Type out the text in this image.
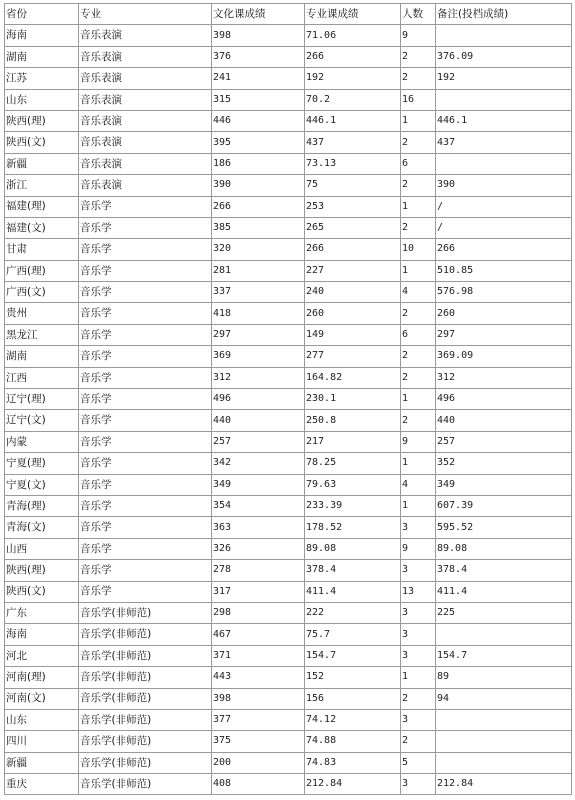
省份	专业	文化课成绩	专业课成绩	人数	备注(投档成绩)
海南	音乐表演	398	71.06	9	
湖南	音乐表演	376	266	2	376.09
江苏	音乐表演	241	192	2	192
山东	音乐表演	315	70.2	16	
陕西(理)	音乐表演	446	446.1	1	446.1
陕西(文)	音乐表演	395	437	2	437
新疆	音乐表演	186	73.13	6	
浙江	音乐表演	390	75	2	390
福建(理)	音乐学	266	253	1	/
福建(文)	音乐学	385	265	2	/
甘肃	音乐学	320	266	10	266
广西(理)	音乐学	281	227	1	510.85
广西(文)	音乐学	337	240	4	576.98
贵州	音乐学	418	260	2	260
黑龙江	音乐学	297	149	6	297
湖南	音乐学	369	277	2	369.09
江西	音乐学	312	164.82	2	312
辽宁(理)	音乐学	496	230.1	1	496
辽宁(文)	音乐学	440	250.8	2	440
内蒙	音乐学	257	217	9	257
宁夏(理)	音乐学	342	78.25	1	352
宁夏(文)	音乐学	349	79.63	4	349
青海(理)	音乐学	354	233.39	1	607.39
青海(文)	音乐学	363	178.52	3	595.52
山西	音乐学	326	89.08	9	89.08
陕西(理)	音乐学	278	378.4	3	378.4
陕西(文)	音乐学	317	411.4	13	411.4
广东	音乐学(非师范)	298	222	3	225
海南	音乐学(非师范)	467	75.7	3	
河北	音乐学(非师范)	371	154.7	3	154.7
河南(理)	音乐学(非师范)	443	152	1	89
河南(文)	音乐学(非师范)	398	156	2	94
山东	音乐学(非师范)	377	74.12	3	
四川	音乐学(非师范)	375	74.88	2	
新疆	音乐学(非师范)	200	74.83	5	
重庆	音乐学(非师范)	408	212.84	3	212.84
